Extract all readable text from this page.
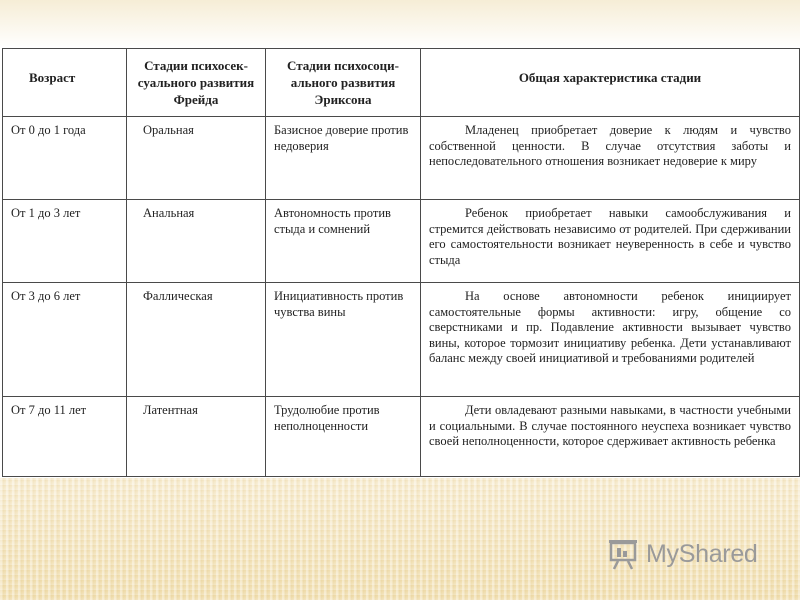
Возраст	Стадии психосек-суального развития Фрейда	Стадии психосоци-ального развития Эриксона	Общая характеристика стадии
От 0 до 1 года	Оральная	Базисное доверие против недоверия	Младенец приобретает доверие к людям и чувство собственной ценности. В случае отсутствия заботы и непоследовательного отношения возникает недоверие к миру
От 1 до 3 лет	Анальная	Автономность против стыда и сомнений	Ребенок приобретает навыки самообслуживания и стремится действовать независимо от родителей. При сдерживании его самостоятельности возникает неуверенность в себе и чувство стыда
От 3 до 6 лет	Фаллическая	Инициативность против чувства вины	На основе автономности ребенок инициирует самостоятельные формы активности: игру, общение со сверстниками и пр. Подавление активности вызывает чувство вины, которое тормозит инициативу ребенка. Дети устанавливают баланс между своей инициативой и требованиями родителей
От 7 до 11 лет	Латентная	Трудолюбие против неполноценности	Дети овладевают разными навыками, в частности учебными и социальными. В случае постоянного неуспеха возникает чувство своей неполноценности, которое сдерживает активность ребенка
MyShared
